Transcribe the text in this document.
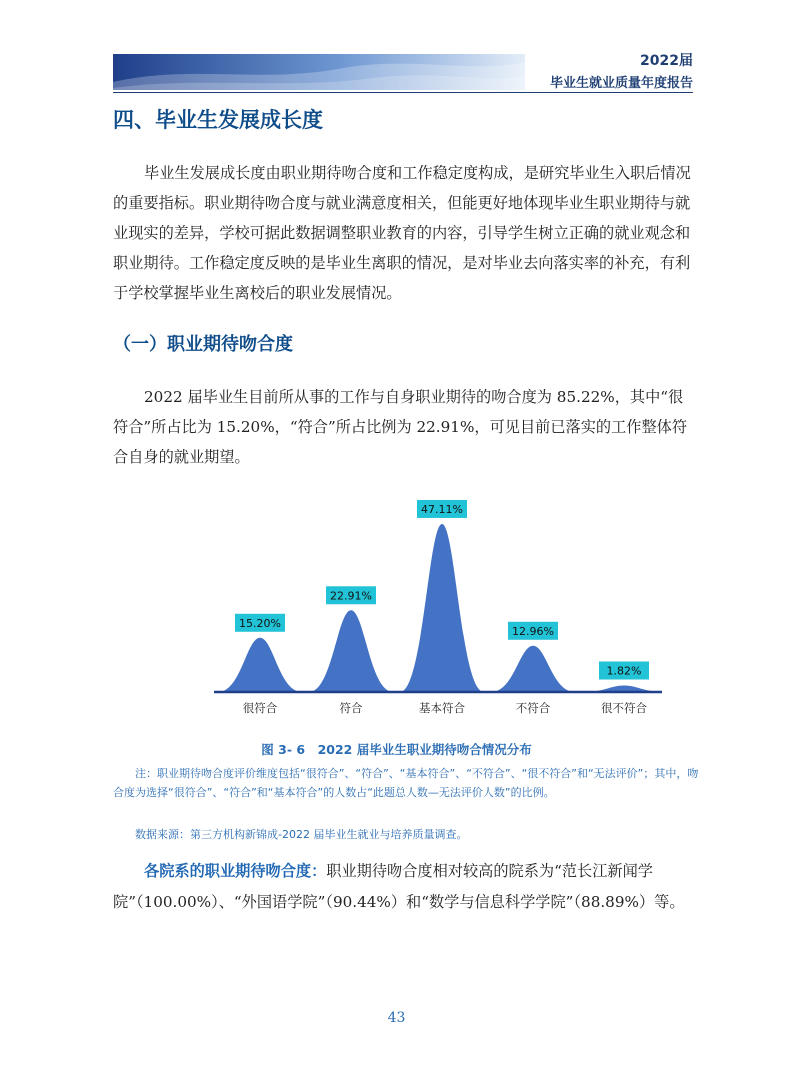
2022届
毕业生就业质量年度报告
四、毕业生发展成长度
毕业生发展成长度由职业期待吻合度和工作稳定度构成，是研究毕业生入职后情况的重要指标。职业期待吻合度与就业满意度相关，但能更好地体现毕业生职业期待与就业现实的差异，学校可据此数据调整职业教育的内容，引导学生树立正确的就业观念和职业期待。工作稳定度反映的是毕业生离职的情况，是对毕业去向落实率的补充，有利于学校掌握毕业生离校后的职业发展情况。
（一）职业期待吻合度
2022 届毕业生目前所从事的工作与自身职业期待的吻合度为 85.22%，其中“很符合”所占比为 15.20%，“符合”所占比例为 22.91%，可见目前已落实的工作整体符合自身的就业期望。
15.20%
很符合
22.91%
符合
47.11%
基本符合
12.96%
不符合
1.82%
很不符合
图 3- 6　2022 届毕业生职业期待吻合情况分布
注：职业期待吻合度评价维度包括“很符合”、“符合”、“基本符合”、“不符合”、“很不符合”和“无法评价”；其中，吻合度为选择“很符合”、“符合”和“基本符合”的人数占“此题总人数—无法评价人数”的比例。
数据来源：第三方机构新锦成-2022 届毕业生就业与培养质量调查。
各院系的职业期待吻合度：职业期待吻合度相对较高的院系为“范长江新闻学院”（100.00%）、“外国语学院”（90.44%）和“数学与信息科学学院”（88.89%）等。
43
